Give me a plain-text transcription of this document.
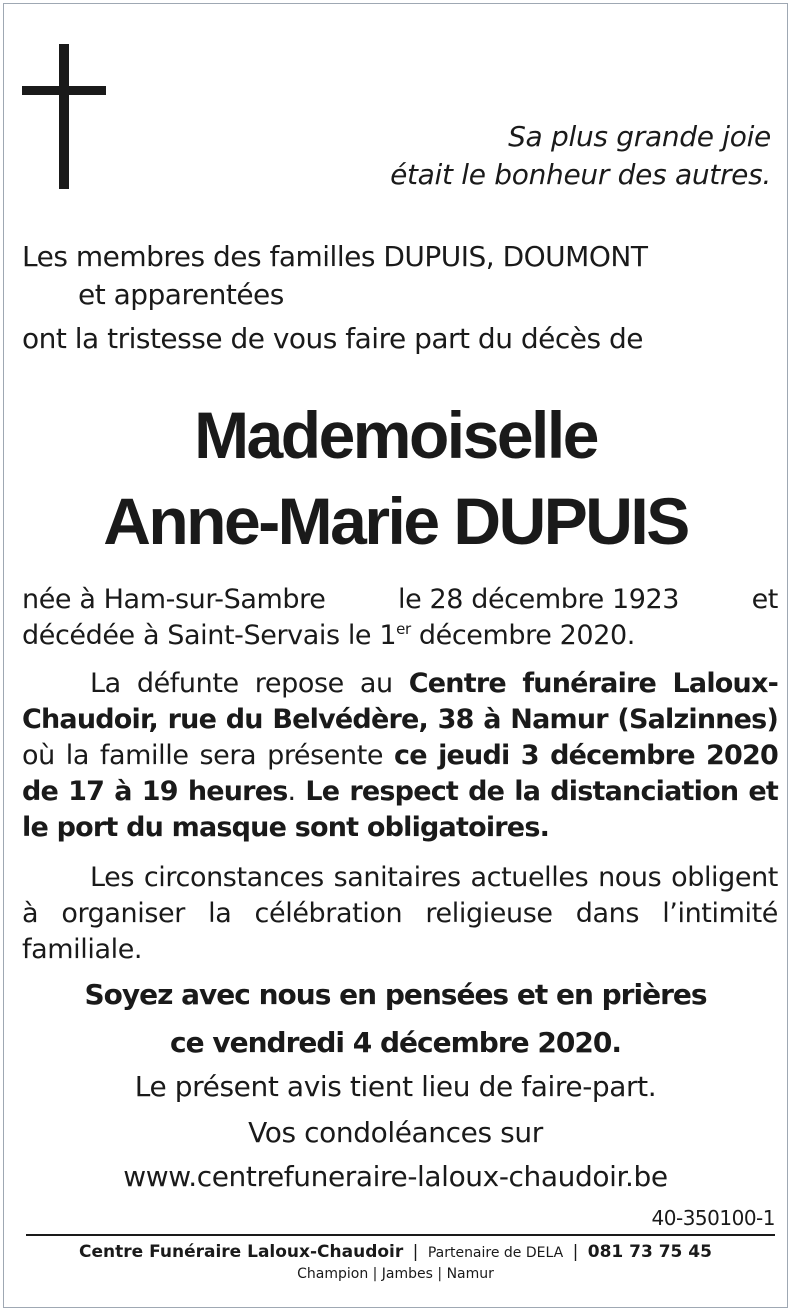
Sa plus grande joie
était le bonheur des autres.
Les membres des familles DUPUIS, DOUMONT
et apparentées
ont la tristesse de vous faire part du décès de
Mademoiselle
Anne-Marie DUPUIS
née à Ham-sur-Sambre	le 28 décembre 1923	et
décédée à Saint-Servais le 1er décembre 2020.
La défunte repose au Centre funéraire Laloux-Chaudoir, rue du Belvédère, 38 à Namur (Salzinnes) où la famille sera présente ce jeudi 3 décembre 2020 de 17 à 19 heures. Le respect de la distanciation et le port du masque sont obligatoires.
Les circonstances sanitaires actuelles nous obligent à organiser la célébration religieuse dans l’intimité familiale.
Soyez avec nous en pensées et en prières
ce vendredi 4 décembre 2020.
Le présent avis tient lieu de faire-part.
Vos condoléances sur
www.centrefuneraire-laloux-chaudoir.be
40-350100-1
Centre Funéraire Laloux-Chaudoir | Partenaire de DELA | 081 73 75 45
Champion | Jambes | Namur
